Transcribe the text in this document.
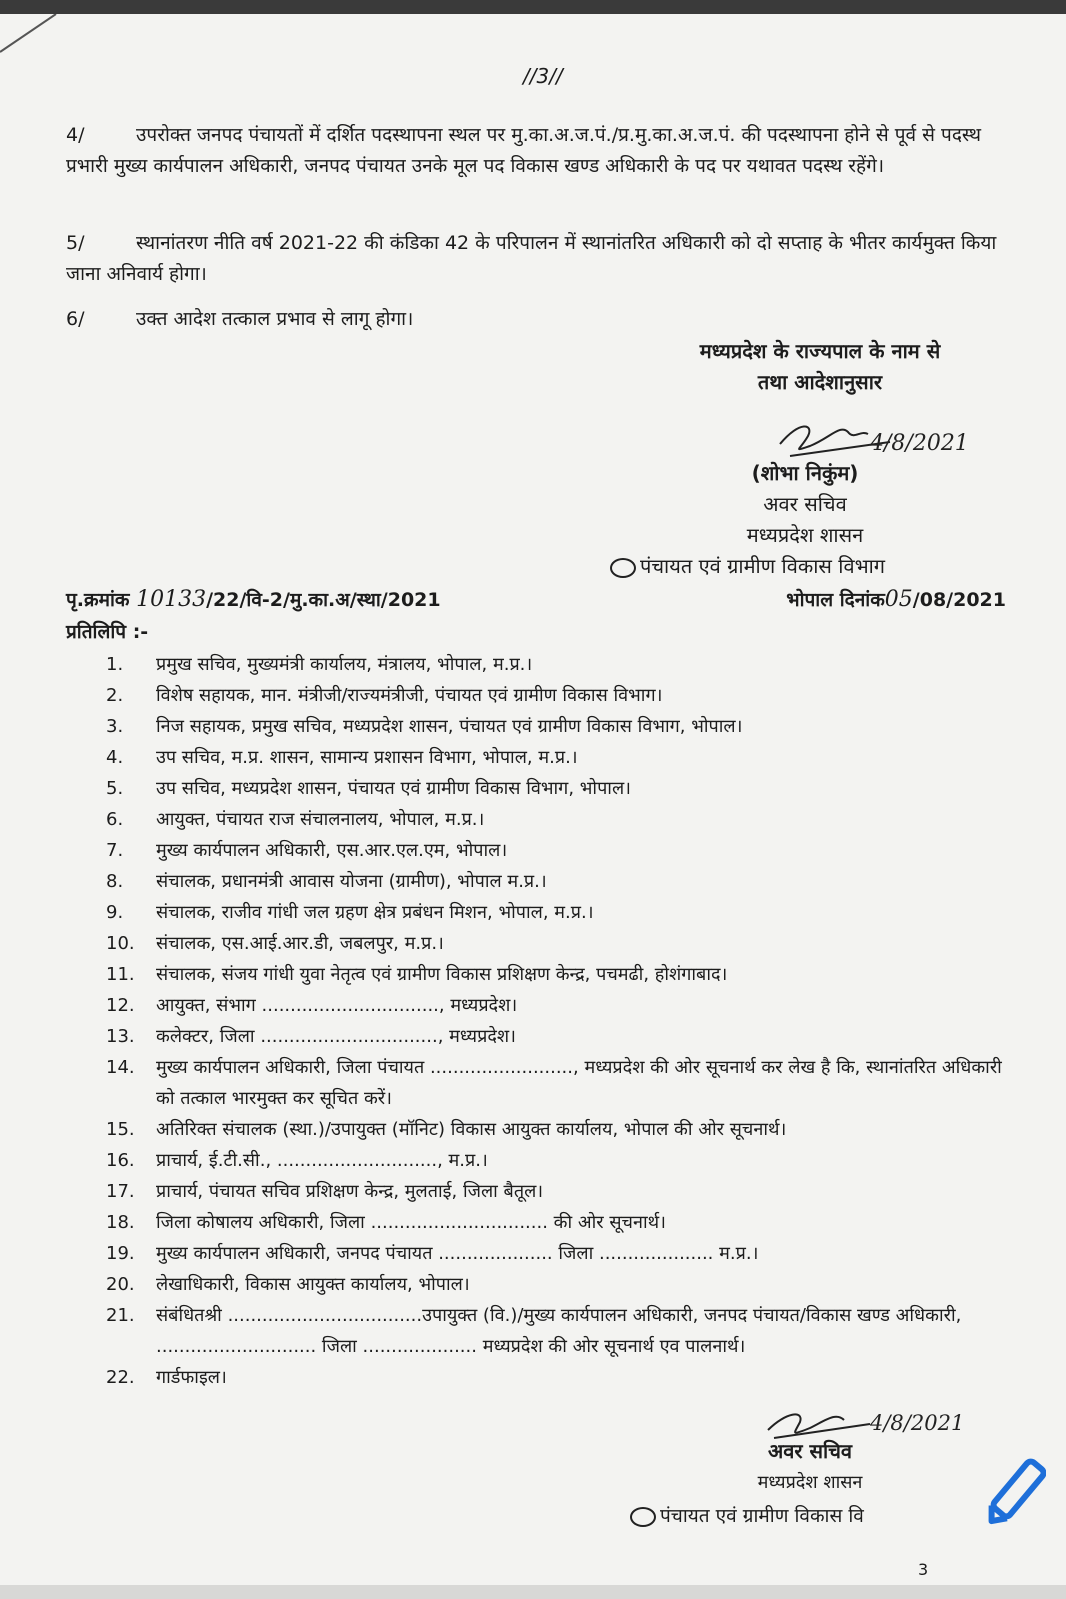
//3//
4/	उपरोक्त जनपद पंचायतों में दर्शित पदस्थापना स्थल पर मु.का.अ.ज.पं./प्र.मु.का.अ.ज.पं. की पदस्थापना होने से पूर्व से पदस्थ प्रभारी मुख्य कार्यपालन अधिकारी, जनपद पंचायत उनके मूल पद विकास खण्ड अधिकारी के पद पर यथावत पदस्थ रहेंगे।
5/	स्थानांतरण नीति वर्ष 2021-22 की कंडिका 42 के परिपालन में स्थानांतरित अधिकारी को दो सप्ताह के भीतर कार्यमुक्त किया जाना अनिवार्य होगा।
6/	उक्त आदेश तत्काल प्रभाव से लागू होगा।
मध्यप्रदेश के राज्यपाल के नाम से
तथा आदेशानुसार
4/8/2021
(शोभा निकुंम)
अवर सचिव
मध्यप्रदेश शासन
पंचायत एवं ग्रामीण विकास विभाग
पृ.क्रमांक 10133/22/वि-2/मु.का.अ/स्था/2021	भोपाल दिनांक05/08/2021
प्रतिलिपि :-
1.	प्रमुख सचिव, मुख्यमंत्री कार्यालय, मंत्रालय, भोपाल, म.प्र.।
2.	विशेष सहायक, मान. मंत्रीजी/राज्यमंत्रीजी, पंचायत एवं ग्रामीण विकास विभाग।
3.	निज सहायक, प्रमुख सचिव, मध्यप्रदेश शासन, पंचायत एवं ग्रामीण विकास विभाग, भोपाल।
4.	उप सचिव, म.प्र. शासन, सामान्य प्रशासन विभाग, भोपाल, म.प्र.।
5.	उप सचिव, मध्यप्रदेश शासन, पंचायत एवं ग्रामीण विकास विभाग, भोपाल।
6.	आयुक्त, पंचायत राज संचालनालय, भोपाल, म.प्र.।
7.	मुख्य कार्यपालन अधिकारी, एस.आर.एल.एम, भोपाल।
8.	संचालक, प्रधानमंत्री आवास योजना (ग्रामीण), भोपाल म.प्र.।
9.	संचालक, राजीव गांधी जल ग्रहण क्षेत्र प्रबंधन मिशन, भोपाल, म.प्र.।
10.	संचालक, एस.आई.आर.डी, जबलपुर, म.प्र.।
11.	संचालक, संजय गांधी युवा नेतृत्व एवं ग्रामीण विकास प्रशिक्षण केन्द्र, पचमढी, होशंगाबाद।
12.	आयुक्त, संभाग ..............................., मध्यप्रदेश।
13.	कलेक्टर, जिला ..............................., मध्यप्रदेश।
14.	मुख्य कार्यपालन अधिकारी, जिला पंचायत ........................., मध्यप्रदेश की ओर सूचनार्थ कर लेख है कि, स्थानांतरित अधिकारी को तत्काल भारमुक्त कर सूचित करें।
15.	अतिरिक्त संचालक (स्था.)/उपायुक्त (मॉनिट) विकास आयुक्त कार्यालय, भोपाल की ओर सूचनार्थ।
16.	प्राचार्य, ई.टी.सी., ............................, म.प्र.।
17.	प्राचार्य, पंचायत सचिव प्रशिक्षण केन्द्र, मुलताई, जिला बैतूल।
18.	जिला कोषालय अधिकारी, जिला ............................... की ओर सूचनार्थ।
19.	मुख्य कार्यपालन अधिकारी, जनपद पंचायत .................... जिला .................... म.प्र.।
20.	लेखाधिकारी, विकास आयुक्त कार्यालय, भोपाल।
21.	संबंधितश्री ..................................उपायुक्त (वि.)/मुख्य कार्यपालन अधिकारी, जनपद पंचायत/विकास खण्ड अधिकारी, ............................ जिला .................... मध्यप्रदेश की ओर सूचनार्थ एव पालनार्थ।
22.	गार्डफाइल।
4/8/2021
अवर सचिव
मध्यप्रदेश शासन
पंचायत एवं ग्रामीण विकास वि
3
